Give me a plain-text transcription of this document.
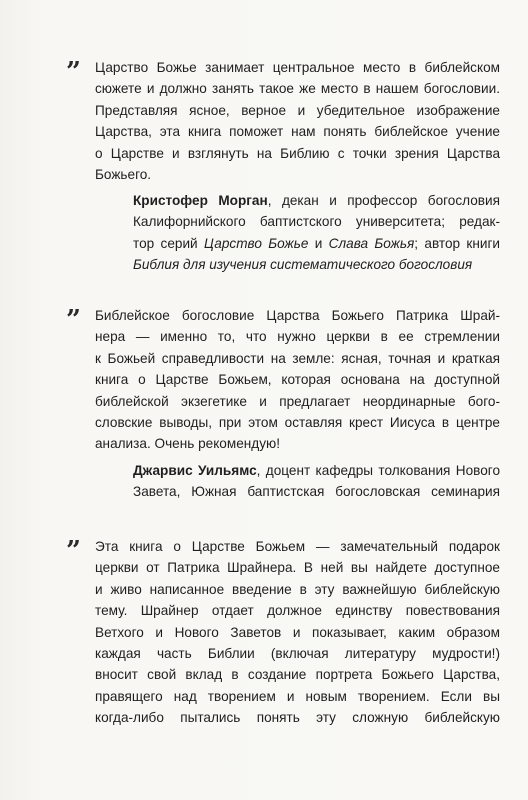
” Царство Божье занимает центральное место в библейском
сюжете и должно занять такое же место в нашем богословии.
Представляя ясное, верное и убедительное изображение
Царства, эта книга поможет нам понять библейское учение
о Царстве и взглянуть на Библию с точки зрения Царства
Божьего.
Кристофер Морган, декан и профессор богословия
Калифорнийского баптистского университета; редак-
тор серий Царство Божье и Слава Божья; автор книги
Библия для изучения систематического богословия
” Библейское богословие Царства Божьего Патрика Шрай-
нера — именно то, что нужно церкви в ее стремлении
к Божьей справедливости на земле: ясная, точная и краткая
книга о Царстве Божьем, которая основана на доступной
библейской экзегетике и предлагает неординарные бого-
словские выводы, при этом оставляя крест Иисуса в центре
анализа. Очень рекомендую!
Джарвис Уильямс, доцент кафедры толкования Нового
Завета, Южная баптистская богословская семинария
” Эта книга о Царстве Божьем — замечательный подарок
церкви от Патрика Шрайнера. В ней вы найдете доступное
и живо написанное введение в эту важнейшую библейскую
тему. Шрайнер отдает должное единству повествования
Ветхого и Нового Заветов и показывает, каким образом
каждая часть Библии (включая литературу мудрости!)
вносит свой вклад в создание портрета Божьего Царства,
правящего над творением и новым творением. Если вы
когда-либо пытались понять эту сложную библейскую
